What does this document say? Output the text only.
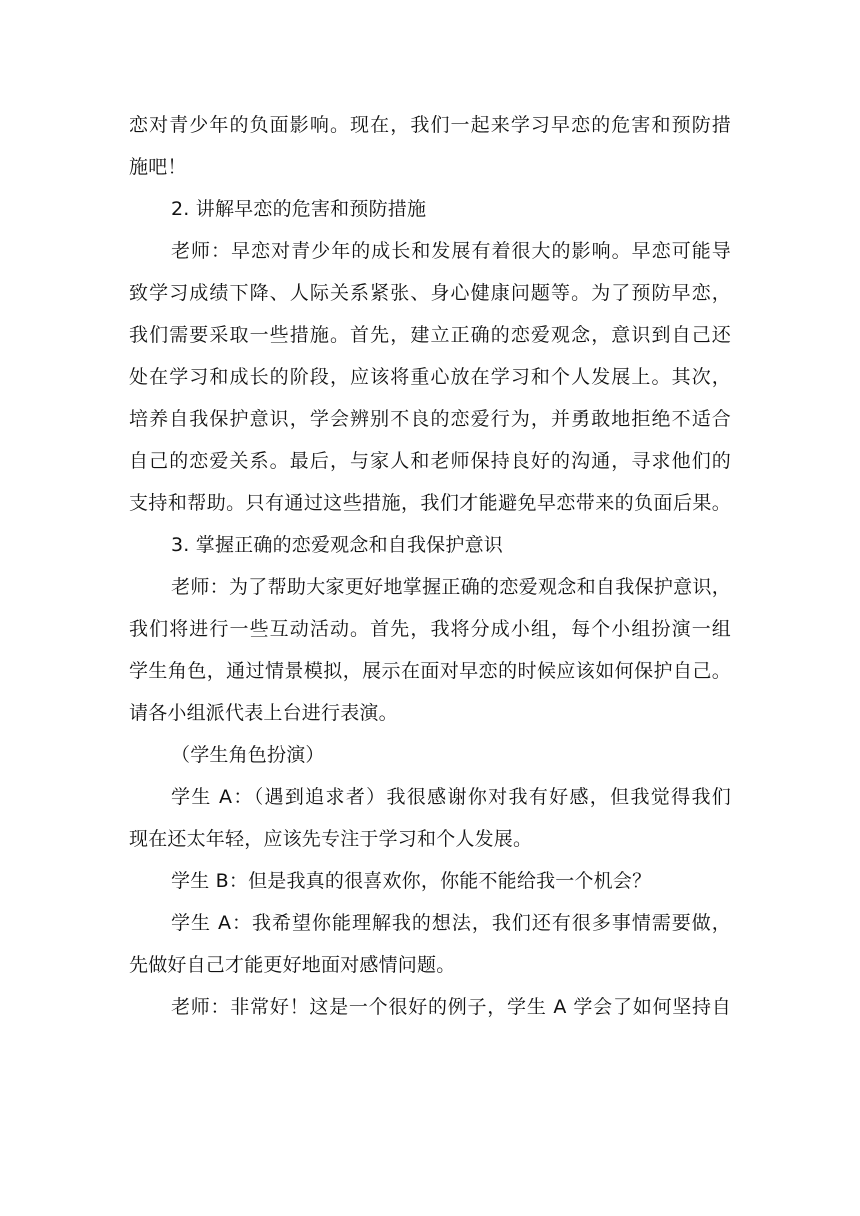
恋对青少年的负面影响。现在，我们一起来学习早恋的危害和预防措
施吧！
2. 讲解早恋的危害和预防措施
老师：早恋对青少年的成长和发展有着很大的影响。早恋可能导
致学习成绩下降、人际关系紧张、身心健康问题等。为了预防早恋，
我们需要采取一些措施。首先，建立正确的恋爱观念，意识到自己还
处在学习和成长的阶段，应该将重心放在学习和个人发展上。其次，
培养自我保护意识，学会辨别不良的恋爱行为，并勇敢地拒绝不适合
自己的恋爱关系。最后，与家人和老师保持良好的沟通，寻求他们的
支持和帮助。只有通过这些措施，我们才能避免早恋带来的负面后果。
3. 掌握正确的恋爱观念和自我保护意识
老师：为了帮助大家更好地掌握正确的恋爱观念和自我保护意识，
我们将进行一些互动活动。首先，我将分成小组，每个小组扮演一组
学生角色，通过情景模拟，展示在面对早恋的时候应该如何保护自己。
请各小组派代表上台进行表演。
（学生角色扮演）
学生 A：（遇到追求者）我很感谢你对我有好感，但我觉得我们
现在还太年轻，应该先专注于学习和个人发展。
学生 B：但是我真的很喜欢你，你能不能给我一个机会？
学生 A：我希望你能理解我的想法，我们还有很多事情需要做，
先做好自己才能更好地面对感情问题。
老师：非常好！这是一个很好的例子，学生 A 学会了如何坚持自
